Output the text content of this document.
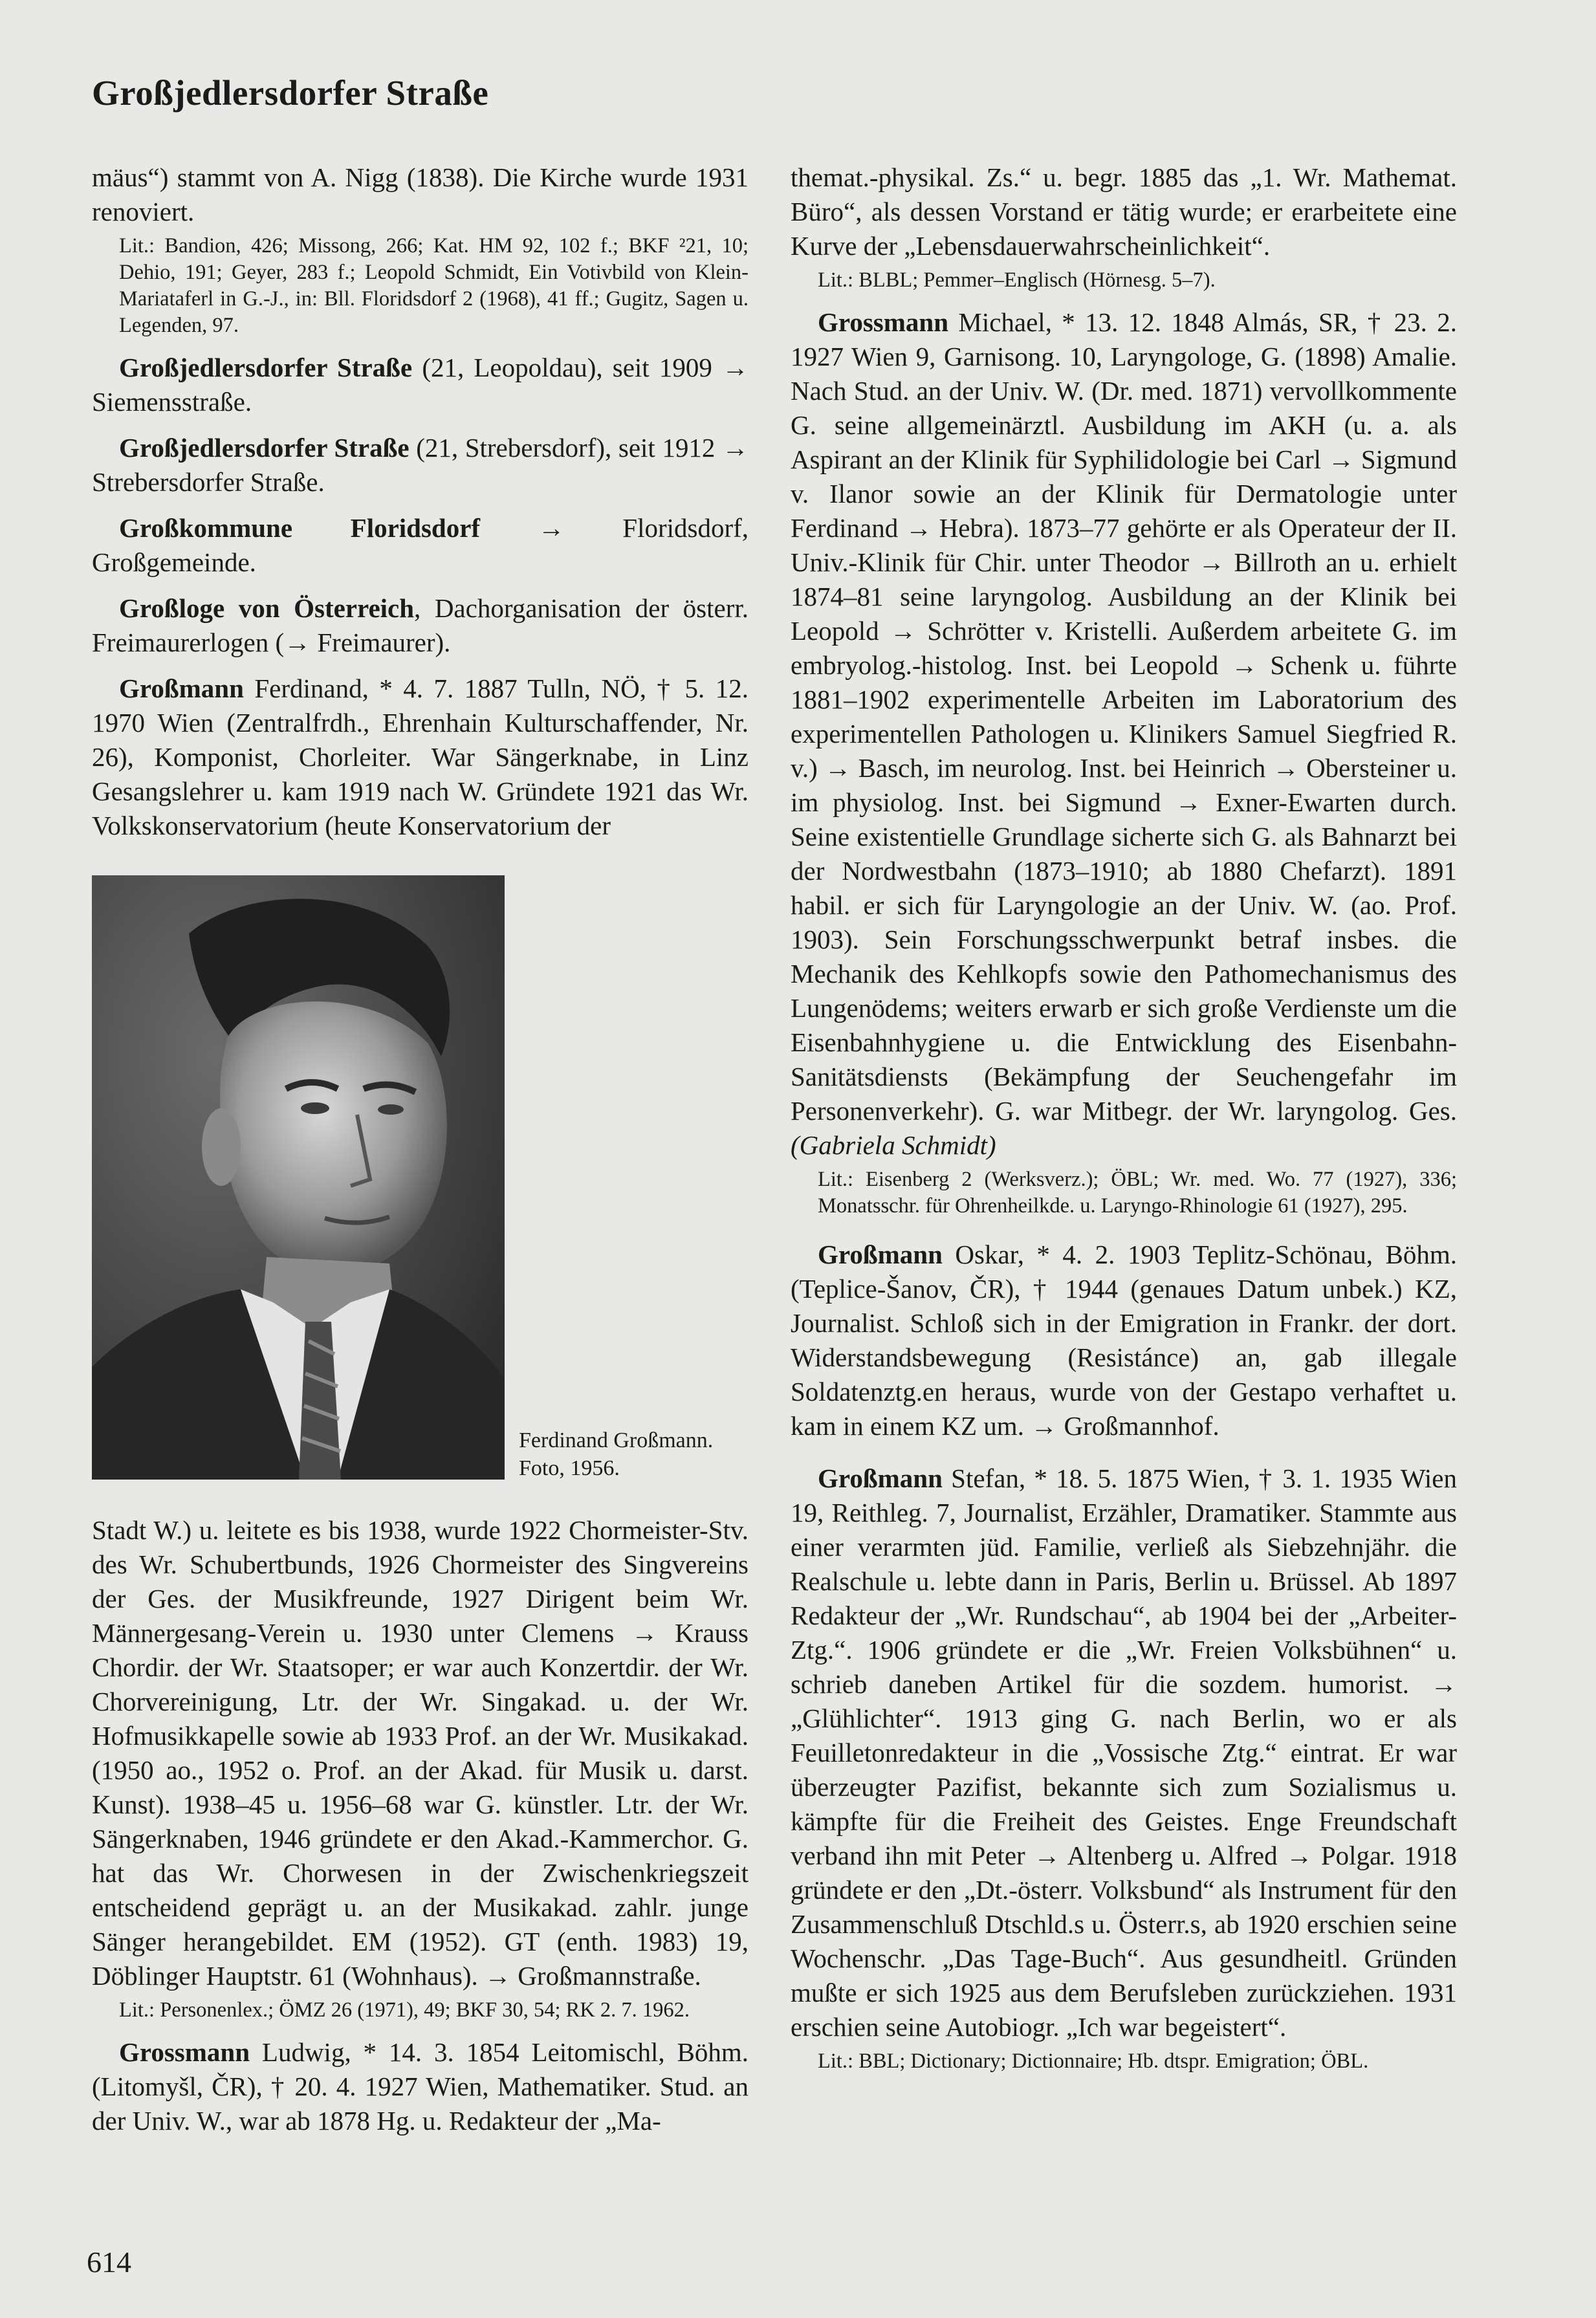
Großjedlersdorfer Straße

mäus“) stammt von A. Nigg (1838). Die Kirche wurde 1931 renoviert.

Lit.: Bandion, 426; Missong, 266; Kat. HM 92, 102 f.; BKF ²21, 10; Dehio, 191; Geyer, 283 f.; Leopold Schmidt, Ein Votivbild von Klein-Mariataferl in G.-J., in: Bll. Floridsdorf 2 (1968), 41 ff.; Gugitz, Sagen u. Legenden, 97.

Großjedlersdorfer Straße (21, Leopoldau), seit 1909 → Siemensstraße.

Großjedlersdorfer Straße (21, Strebersdorf), seit 1912 → Strebersdorfer Straße.

Großkommune Floridsdorf → Floridsdorf, Großgemeinde.

Großloge von Österreich, Dachorganisation der österr. Freimaurerlogen (→ Freimaurer).

Großmann Ferdinand, * 4. 7. 1887 Tulln, NÖ, † 5. 12. 1970 Wien (Zentralfrdh., Ehrenhain Kulturschaffender, Nr. 26), Komponist, Chorleiter. War Sängerknabe, in Linz Gesangslehrer u. kam 1919 nach W. Gründete 1921 das Wr. Volkskonservatorium (heute Konservatorium der

Ferdinand Großmann.
Foto, 1956.

Stadt W.) u. leitete es bis 1938, wurde 1922 Chormeister-Stv. des Wr. Schubertbunds, 1926 Chormeister des Singvereins der Ges. der Musikfreunde, 1927 Dirigent beim Wr. Männergesang-Verein u. 1930 unter Clemens → Krauss Chordir. der Wr. Staatsoper; er war auch Konzertdir. der Wr. Chorvereinigung, Ltr. der Wr. Singakad. u. der Wr. Hofmusikkapelle sowie ab 1933 Prof. an der Wr. Musikakad. (1950 ao., 1952 o. Prof. an der Akad. für Musik u. darst. Kunst). 1938–45 u. 1956–68 war G. künstler. Ltr. der Wr. Sängerknaben, 1946 gründete er den Akad.-Kammerchor. G. hat das Wr. Chorwesen in der Zwischenkriegszeit entscheidend geprägt u. an der Musikakad. zahlr. junge Sänger herangebildet. EM (1952). GT (enth. 1983) 19, Döblinger Hauptstr. 61 (Wohnhaus). → Großmannstraße.

Lit.: Personenlex.; ÖMZ 26 (1971), 49; BKF 30, 54; RK 2. 7. 1962.

Grossmann Ludwig, * 14. 3. 1854 Leitomischl, Böhm. (Litomyšl, ČR), † 20. 4. 1927 Wien, Mathematiker. Stud. an der Univ. W., war ab 1878 Hg. u. Redakteur der „Ma-

themat.-physikal. Zs.“ u. begr. 1885 das „1. Wr. Mathemat. Büro“, als dessen Vorstand er tätig wurde; er erarbeitete eine Kurve der „Lebensdauerwahrscheinlichkeit“.

Lit.: BLBL; Pemmer–Englisch (Hörnesg. 5–7).

Grossmann Michael, * 13. 12. 1848 Almás, SR, † 23. 2. 1927 Wien 9, Garnisong. 10, Laryngologe, G. (1898) Amalie. Nach Stud. an der Univ. W. (Dr. med. 1871) vervollkommente G. seine allgemeinärztl. Ausbildung im AKH (u. a. als Aspirant an der Klinik für Syphilidologie bei Carl → Sigmund v. Ilanor sowie an der Klinik für Dermatologie unter Ferdinand → Hebra). 1873–77 gehörte er als Operateur der II. Univ.-Klinik für Chir. unter Theodor → Billroth an u. erhielt 1874–81 seine laryngolog. Ausbildung an der Klinik bei Leopold → Schrötter v. Kristelli. Außerdem arbeitete G. im embryolog.-histolog. Inst. bei Leopold → Schenk u. führte 1881–1902 experimentelle Arbeiten im Laboratorium des experimentellen Pathologen u. Klinikers Samuel Siegfried R. v.) → Basch, im neurolog. Inst. bei Heinrich → Obersteiner u. im physiolog. Inst. bei Sigmund → Exner-Ewarten durch. Seine existentielle Grundlage sicherte sich G. als Bahnarzt bei der Nordwestbahn (1873–1910; ab 1880 Chefarzt). 1891 habil. er sich für Laryngologie an der Univ. W. (ao. Prof. 1903). Sein Forschungsschwerpunkt betraf insbes. die Mechanik des Kehlkopfs sowie den Pathomechanismus des Lungenödems; weiters erwarb er sich große Verdienste um die Eisenbahnhygiene u. die Entwicklung des Eisenbahn-Sanitätsdiensts (Bekämpfung der Seuchengefahr im Personenverkehr). G. war Mitbegr. der Wr. laryngolog. Ges. (Gabriela Schmidt)

Lit.: Eisenberg 2 (Werksverz.); ÖBL; Wr. med. Wo. 77 (1927), 336; Monatsschr. für Ohrenheilkde. u. Laryngo-Rhinologie 61 (1927), 295.

Großmann Oskar, * 4. 2. 1903 Teplitz-Schönau, Böhm. (Teplice-Šanov, ČR), † 1944 (genaues Datum unbek.) KZ, Journalist. Schloß sich in der Emigration in Frankr. der dort. Widerstandsbewegung (Resistánce) an, gab illegale Soldatenztg.en heraus, wurde von der Gestapo verhaftet u. kam in einem KZ um. → Großmannhof.

Großmann Stefan, * 18. 5. 1875 Wien, † 3. 1. 1935 Wien 19, Reithleg. 7, Journalist, Erzähler, Dramatiker. Stammte aus einer verarmten jüd. Familie, verließ als Siebzehnjähr. die Realschule u. lebte dann in Paris, Berlin u. Brüssel. Ab 1897 Redakteur der „Wr. Rundschau“, ab 1904 bei der „Arbeiter-Ztg.“. 1906 gründete er die „Wr. Freien Volksbühnen“ u. schrieb daneben Artikel für die sozdem. humorist. → „Glühlichter“. 1913 ging G. nach Berlin, wo er als Feuilletonredakteur in die „Vossische Ztg.“ eintrat. Er war überzeugter Pazifist, bekannte sich zum Sozialismus u. kämpfte für die Freiheit des Geistes. Enge Freundschaft verband ihn mit Peter → Altenberg u. Alfred → Polgar. 1918 gründete er den „Dt.-österr. Volksbund“ als Instrument für den Zusammenschluß Dtschld.s u. Österr.s, ab 1920 erschien seine Wochenschr. „Das Tage-Buch“. Aus gesundheitl. Gründen mußte er sich 1925 aus dem Berufsleben zurückziehen. 1931 erschien seine Autobiogr. „Ich war begeistert“.

Lit.: BBL; Dictionary; Dictionnaire; Hb. dtspr. Emigration; ÖBL.

614
